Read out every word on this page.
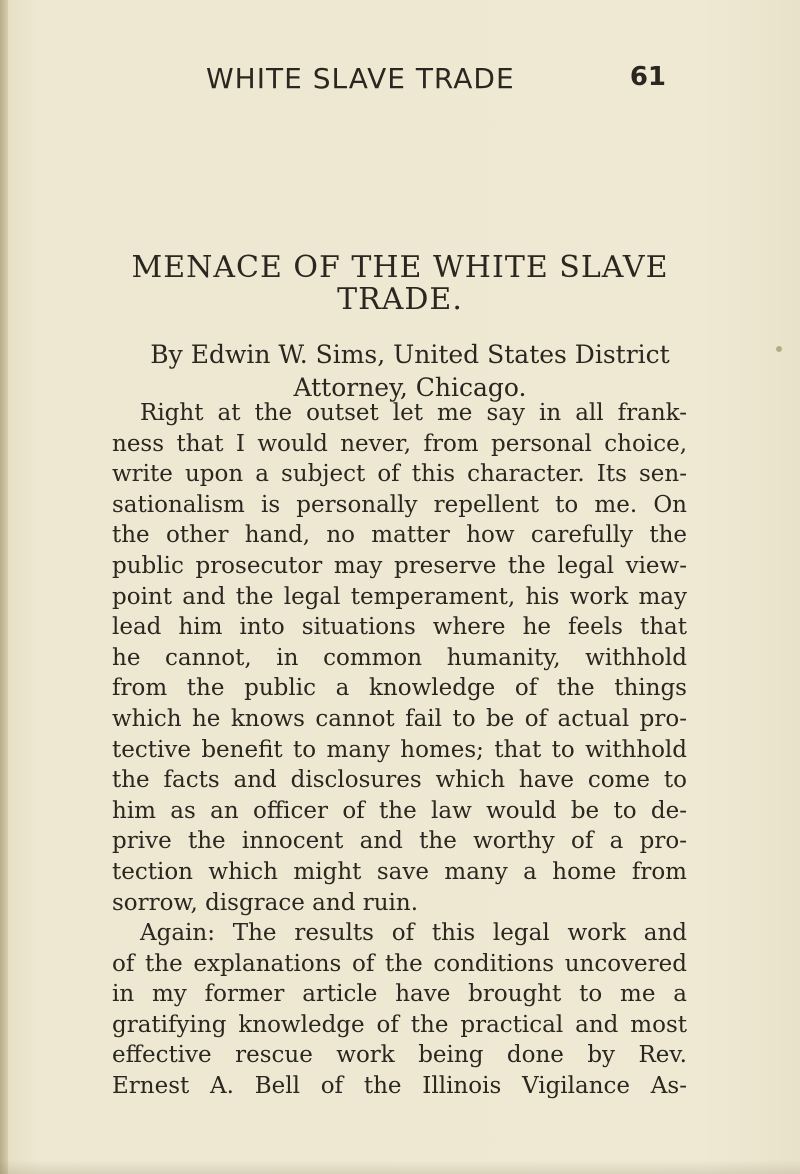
WHITE SLAVE TRADE	61
MENACE OF THE WHITE SLAVE
TRADE.
By Edwin W. Sims, United States District
Attorney, Chicago.
Right at the outset let me say in all frank-
ness that I would never, from personal choice,
write upon a subject of this character. Its sen-
sationalism is personally repellent to me. On
the other hand, no matter how carefully the
public prosecutor may preserve the legal view-
point and the legal temperament, his work may
lead him into situations where he feels that
he cannot, in common humanity, withhold
from the public a knowledge of the things
which he knows cannot fail to be of actual pro-
tective benefit to many homes; that to withhold
the facts and disclosures which have come to
him as an officer of the law would be to de-
prive the innocent and the worthy of a pro-
tection which might save many a home from
sorrow, disgrace and ruin.
Again: The results of this legal work and
of the explanations of the conditions uncovered
in my former article have brought to me a
gratifying knowledge of the practical and most
effective rescue work being done by Rev.
Ernest A. Bell of the Illinois Vigilance As-
